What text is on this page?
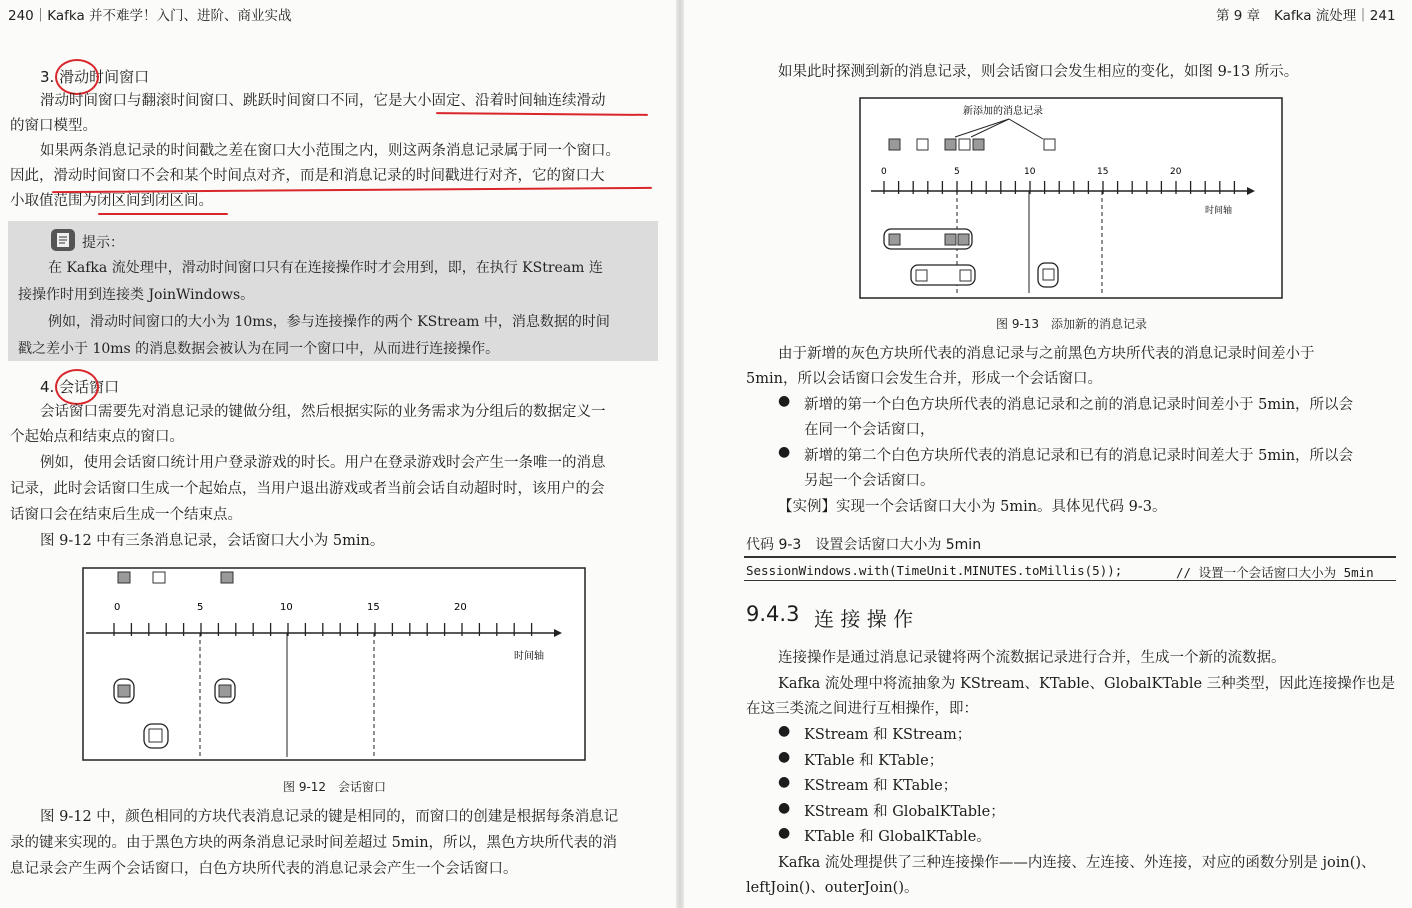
240｜Kafka 并不难学！入门、进阶、商业实战
3. 滑动时间窗口
滑动时间窗口与翻滚时间窗口、跳跃时间窗口不同，它是大小固定、沿着时间轴连续滑动
的窗口模型。
如果两条消息记录的时间戳之差在窗口大小范围之内，则这两条消息记录属于同一个窗口。
因此，滑动时间窗口不会和某个时间点对齐，而是和消息记录的时间戳进行对齐，它的窗口大
小取值范围为闭区间到闭区间。
提示：
在 Kafka 流处理中，滑动时间窗口只有在连接操作时才会用到，即，在执行 KStream 连
接操作时用到连接类 JoinWindows。
例如，滑动时间窗口的大小为 10ms，参与连接操作的两个 KStream 中，消息数据的时间
戳之差小于 10ms 的消息数据会被认为在同一个窗口中，从而进行连接操作。
4. 会话窗口
会话窗口需要先对消息记录的键做分组，然后根据实际的业务需求为分组后的数据定义一
个起始点和结束点的窗口。
例如，使用会话窗口统计用户登录游戏的时长。用户在登录游戏时会产生一条唯一的消息
记录，此时会话窗口生成一个起始点，当用户退出游戏或者当前会话自动超时时，该用户的会
话窗口会在结束后生成一个结束点。
图 9-12 中有三条消息记录，会话窗口大小为 5min。
0	5	10	15	20
时间轴
图 9-12　会话窗口
图 9-12 中，颜色相同的方块代表消息记录的键是相同的，而窗口的创建是根据每条消息记
录的键来实现的。由于黑色方块的两条消息记录时间差超过 5min，所以，黑色方块所代表的消
息记录会产生两个会话窗口，白色方块所代表的消息记录会产生一个会话窗口。
第 9 章 Kafka 流处理｜241
如果此时探测到新的消息记录，则会话窗口会发生相应的变化，如图 9-13 所示。
新添加的消息记录
0	5	10	15	20
时间轴
图 9-13　添加新的消息记录
由于新增的灰色方块所代表的消息记录与之前黑色方块所代表的消息记录时间差小于
5min，所以会话窗口会发生合并，形成一个会话窗口。
● 新增的第一个白色方块所代表的消息记录和之前的消息记录时间差小于 5min，所以会
在同一个会话窗口，
● 新增的第二个白色方块所代表的消息记录和已有的消息记录时间差大于 5min，所以会
另起一个会话窗口。
【实例】实现一个会话窗口大小为 5min。具体见代码 9-3。
代码 9-3　设置会话窗口大小为 5min
SessionWindows.with(TimeUnit.MINUTES.toMillis(5));	// 设置一个会话窗口大小为 5min
9.4.3 连 接 操 作
连接操作是通过消息记录键将两个流数据记录进行合并，生成一个新的流数据。
Kafka 流处理中将流抽象为 KStream、KTable、GlobalKTable 三种类型，因此连接操作也是
在这三类流之间进行互相操作，即：
● KStream 和 KStream；
● KTable 和 KTable；
● KStream 和 KTable；
● KStream 和 GlobalKTable；
● KTable 和 GlobalKTable。
Kafka 流处理提供了三种连接操作——内连接、左连接、外连接，对应的函数分别是 join()、
leftJoin()、outerJoin()。
